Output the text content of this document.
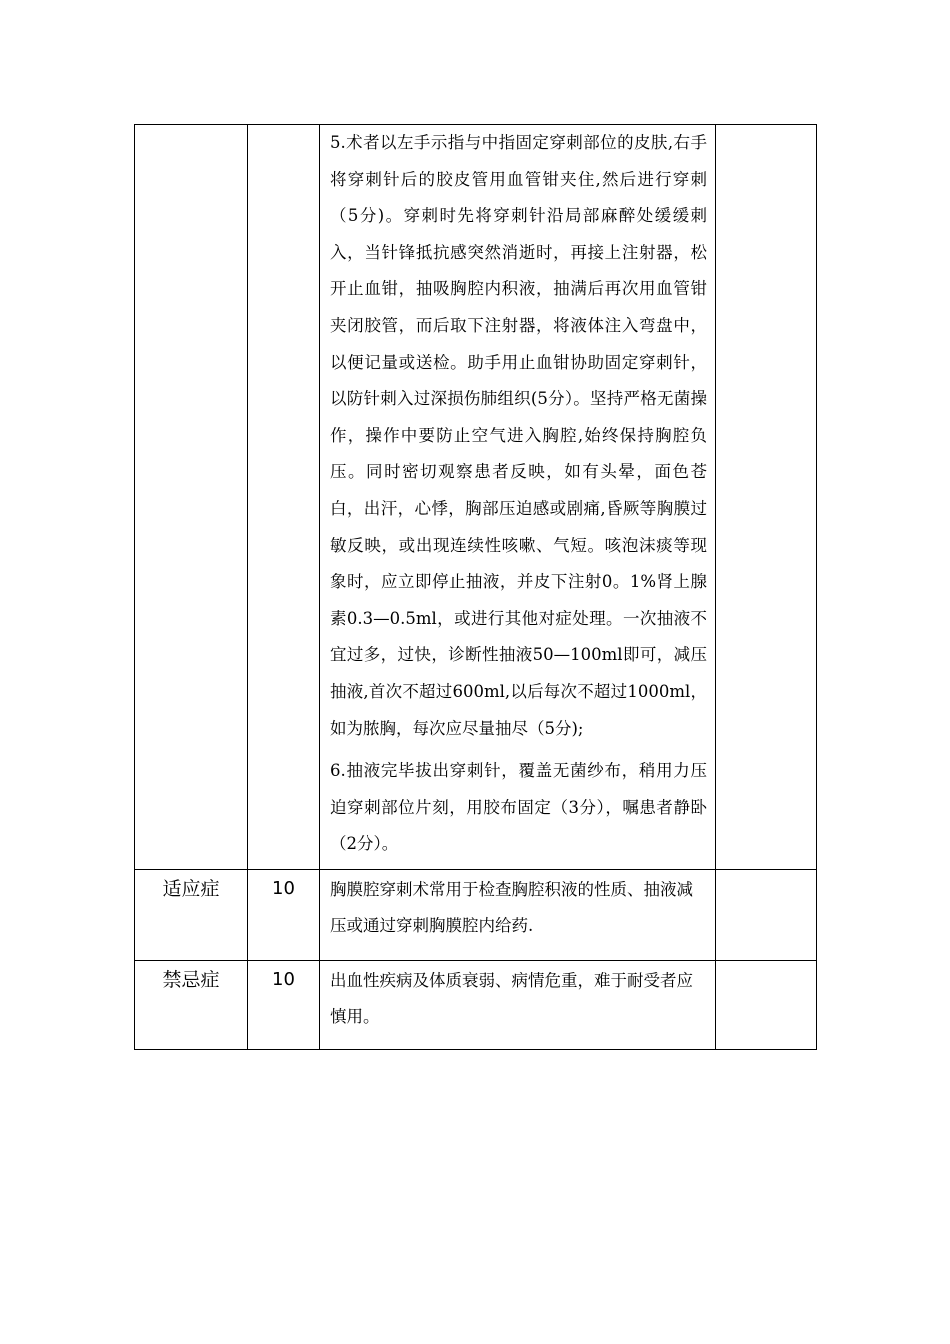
		5.术者以左手示指与中指固定穿刺部位的皮肤,右手将穿刺针后的胶皮管用血管钳夹住,然后进行穿刺（5分)。穿刺时先将穿刺针沿局部麻醉处缓缓刺入，当针锋抵抗感突然消逝时，再接上注射器，松开止血钳，抽吸胸腔内积液，抽满后再次用血管钳夹闭胶管，而后取下注射器，将液体注入弯盘中，以便记量或送检。助手用止血钳协助固定穿刺针，以防针刺入过深损伤肺组织(5分）。坚持严格无菌操作，操作中要防止空气进入胸腔,始终保持胸腔负压。同时密切观察患者反映，如有头晕，面色苍白，出汗，心悸，胸部压迫感或剧痛,昏厥等胸膜过敏反映，或出现连续性咳嗽、气短。咳泡沫痰等现象时，应立即停止抽液，并皮下注射0。1%肾上腺素0.3—0.5ml，或进行其他对症处理。一次抽液不宜过多，过快，诊断性抽液50—100ml即可，减压抽液,首次不超过600ml,以后每次不超过1000ml，如为脓胸，每次应尽量抽尽（5分);

6.抽液完毕拔出穿刺针，覆盖无菌纱布，稍用力压迫穿刺部位片刻，用胶布固定（3分），嘱患者静卧（2分）。	

适应症	10	胸膜腔穿刺术常用于检查胸腔积液的性质、抽液减压或通过穿刺胸膜腔内给药.	

禁忌症	10	出血性疾病及体质衰弱、病情危重，难于耐受者应慎用。	
